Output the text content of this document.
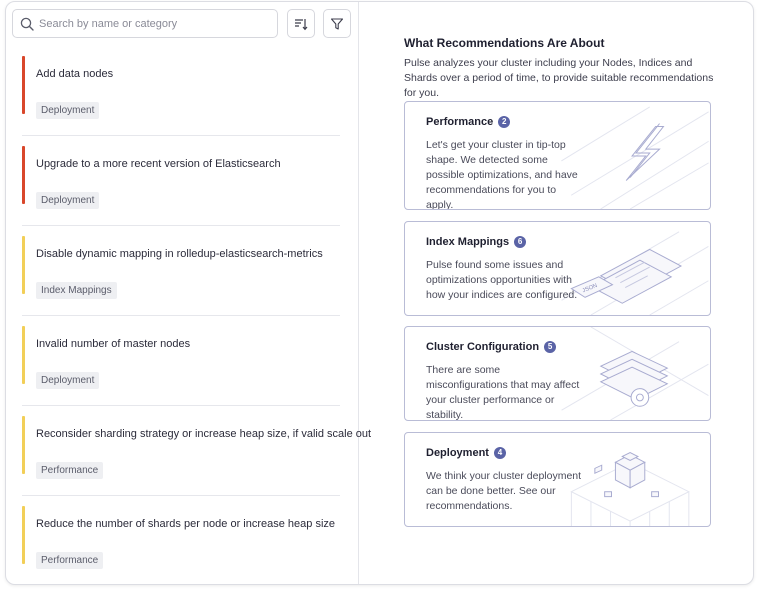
Search by name or category
Add data nodes
Deployment
Upgrade to a more recent version of Elasticsearch
Deployment
Disable dynamic mapping in rolledup-elasticsearch-metrics
Index Mappings
Invalid number of master nodes
Deployment
Reconsider sharding strategy or increase heap size, if valid scale out
Performance
Reduce the number of shards per node or increase heap size
Performance
What Recommendations Are About
Pulse analyzes your cluster including your Nodes, Indices and Shards over a period of time, to provide suitable recommendations for you.
Performance	2
Let's get your cluster in tip-top shape. We detected some possible optimizations, and have recommendations for you to apply.
JSON
Index Mappings	6
Pulse found some issues and optimizations opportunities with how your indices are configured.
Cluster Configuration	5
There are some misconfigurations that may affect your cluster performance or stability.
Deployment	4
We think your cluster deployment can be done better. See our recommendations.
